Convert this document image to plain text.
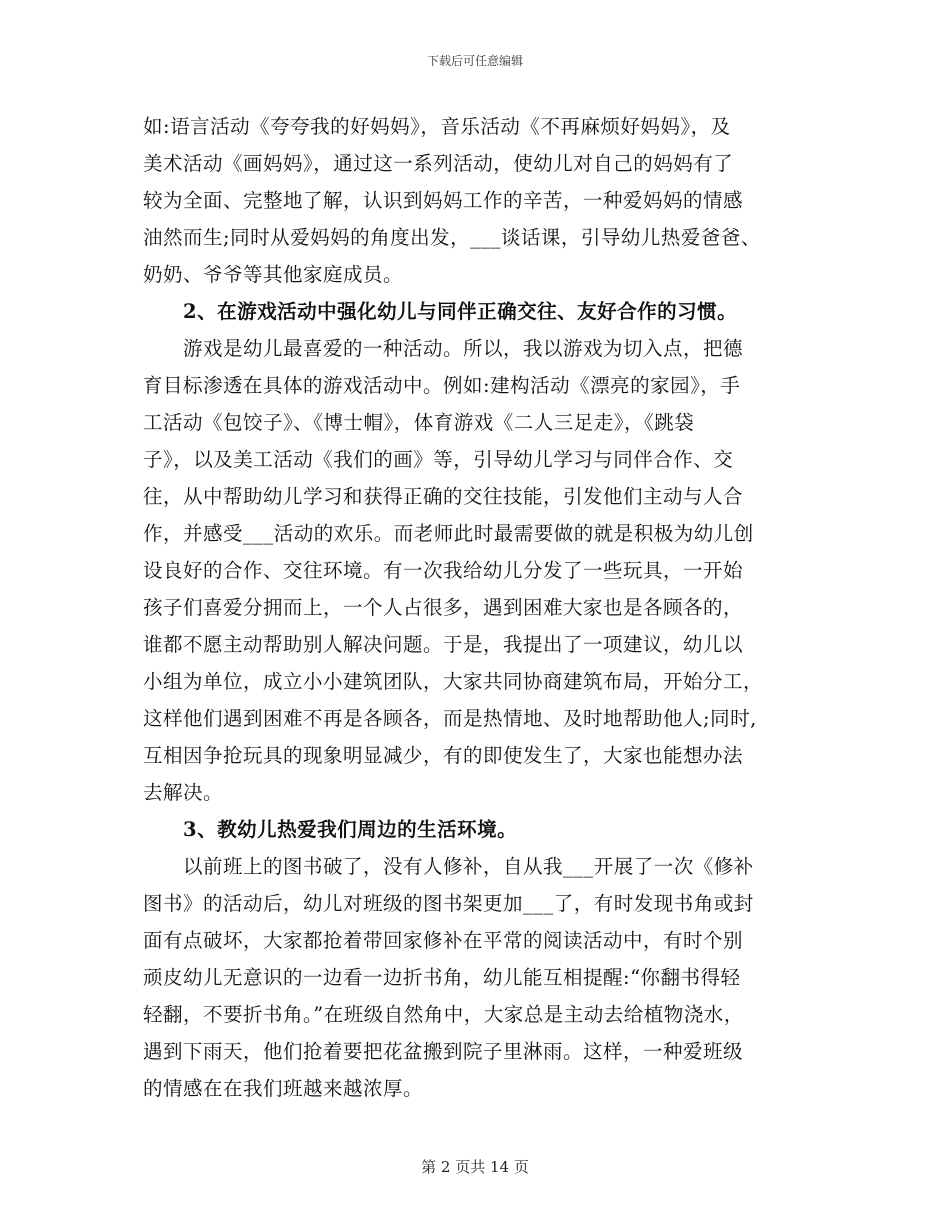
下载后可任意编辑
如:语言活动《夸夸我的好妈妈》，音乐活动《不再麻烦好妈妈》，及
美术活动《画妈妈》，通过这一系列活动，使幼儿对自己的妈妈有了
较为全面、完整地了解，认识到妈妈工作的辛苦，一种爱妈妈的情感
油然而生;同时从爱妈妈的角度出发，___谈话课，引导幼儿热爱爸爸、
奶奶、爷爷等其他家庭成员。
2、在游戏活动中强化幼儿与同伴正确交往、友好合作的习惯。
游戏是幼儿最喜爱的一种活动。所以，我以游戏为切入点，把德
育目标渗透在具体的游戏活动中。例如:建构活动《漂亮的家园》，手
工活动《包饺子》、《博士帽》，体育游戏《二人三足走》，《跳袋
子》，以及美工活动《我们的画》等，引导幼儿学习与同伴合作、交
往，从中帮助幼儿学习和获得正确的交往技能，引发他们主动与人合
作，并感受___活动的欢乐。而老师此时最需要做的就是积极为幼儿创
设良好的合作、交往环境。有一次我给幼儿分发了一些玩具，一开始
孩子们喜爱分拥而上，一个人占很多，遇到困难大家也是各顾各的，
谁都不愿主动帮助别人解决问题。于是，我提出了一项建议，幼儿以
小组为单位，成立小小建筑团队，大家共同协商建筑布局，开始分工，
这样他们遇到困难不再是各顾各，而是热情地、及时地帮助他人;同时,
互相因争抢玩具的现象明显减少，有的即使发生了，大家也能想办法
去解决。
3、教幼儿热爱我们周边的生活环境。
以前班上的图书破了，没有人修补，自从我___开展了一次《修补
图书》的活动后，幼儿对班级的图书架更加___了，有时发现书角或封
面有点破坏，大家都抢着带回家修补在平常的阅读活动中，有时个别
顽皮幼儿无意识的一边看一边折书角，幼儿能互相提醒:“你翻书得轻
轻翻，不要折书角。”在班级自然角中，大家总是主动去给植物浇水，
遇到下雨天，他们抢着要把花盆搬到院子里淋雨。这样，一种爱班级
的情感在在我们班越来越浓厚。
第 2 页共 14 页
